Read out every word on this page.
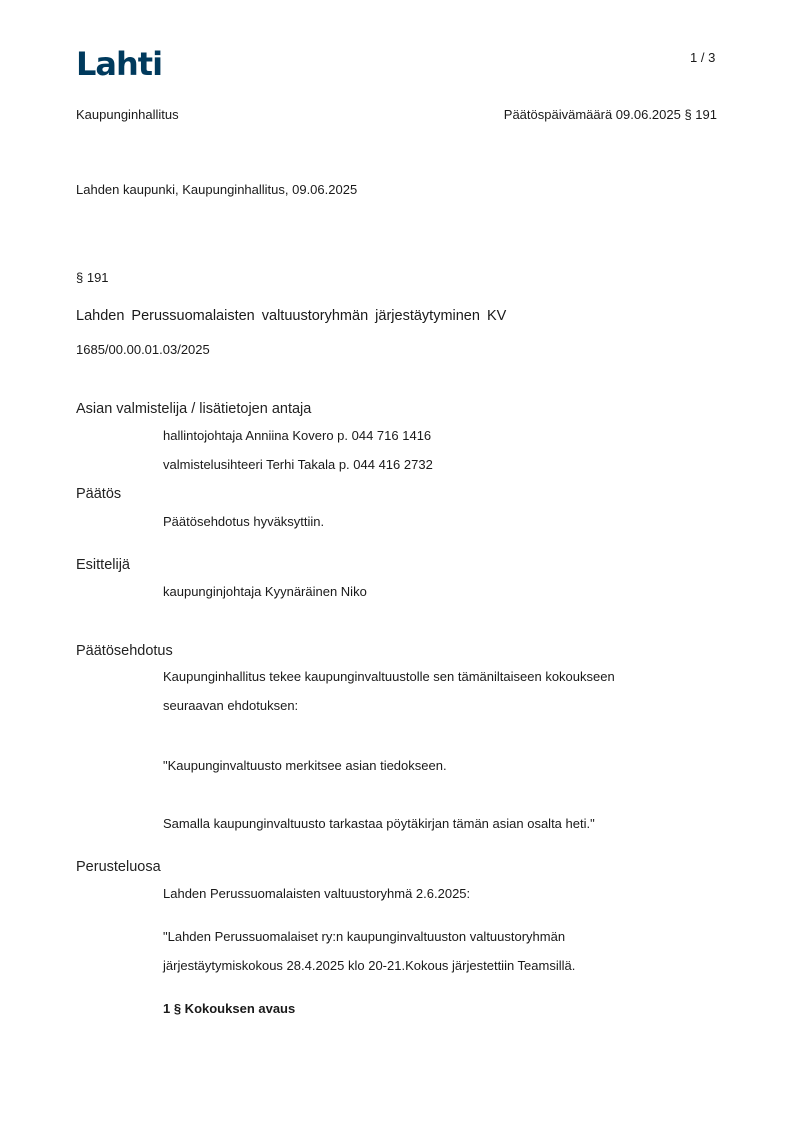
Lahti	1 / 3
Kaupunginhallitus	Päätöspäivämäärä 09.06.2025 § 191
Lahden kaupunki, Kaupunginhallitus, 09.06.2025
§ 191
Lahden Perussuomalaisten valtuustoryhmän järjestäytyminen KV
1685/00.00.01.03/2025
Asian valmistelija / lisätietojen antaja
hallintojohtaja Anniina Kovero p. 044 716 1416
valmistelusihteeri Terhi Takala p. 044 416 2732
Päätös
Päätösehdotus hyväksyttiin.
Esittelijä
kaupunginjohtaja Kyynäräinen Niko
Päätösehdotus
Kaupunginhallitus tekee kaupunginvaltuustolle sen tämäniltaiseen kokoukseen
seuraavan ehdotuksen:
"Kaupunginvaltuusto merkitsee asian tiedokseen.
Samalla kaupunginvaltuusto tarkastaa pöytäkirjan tämän asian osalta heti."
Perusteluosa
Lahden Perussuomalaisten valtuustoryhmä 2.6.2025:
"Lahden Perussuomalaiset ry:n kaupunginvaltuuston valtuustoryhmän
järjestäytymiskokous 28.4.2025 klo 20-21.Kokous järjestettiin Teamsillä.
1 § Kokouksen avaus
